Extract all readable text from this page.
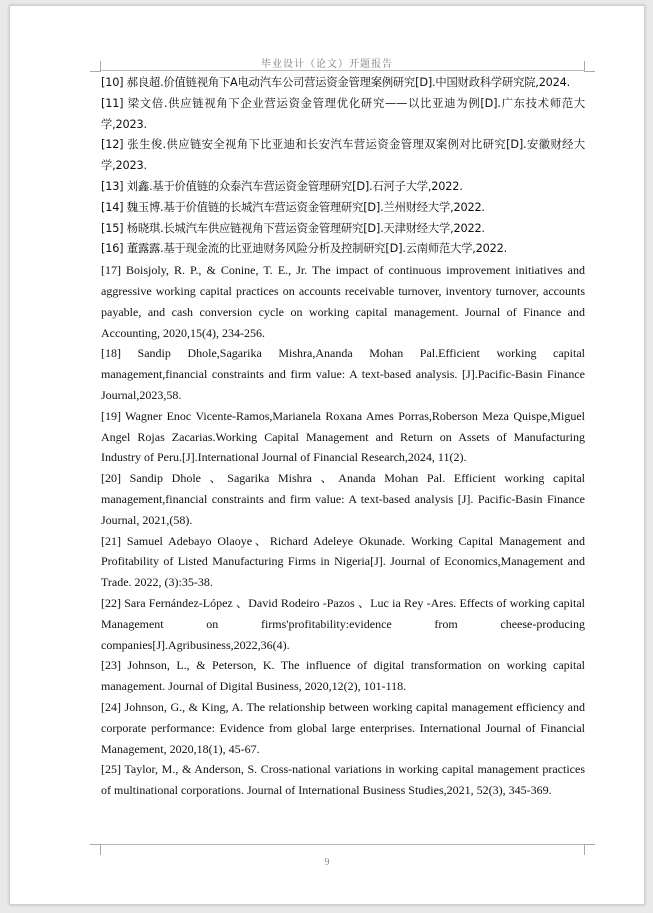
毕业设计（论文）开题报告

[10] 郝良超.价值链视角下A电动汽车公司营运资金管理案例研究[D].中国财政科学研究院,2024.

[11] 梁文倍.供应链视角下企业营运资金管理优化研究——以比亚迪为例[D].广东技术师范大学,2023.

[12] 张生俊.供应链安全视角下比亚迪和长安汽车营运资金管理双案例对比研究[D].安徽财经大学,2023.

[13] 刘鑫.基于价值链的众泰汽车营运资金管理研究[D].石河子大学,2022.

[14] 魏玉博.基于价值链的长城汽车营运资金管理研究[D].兰州财经大学,2022.

[15] 杨晓琪.长城汽车供应链视角下营运资金管理研究[D].天津财经大学,2022.

[16] 董露露.基于现金流的比亚迪财务风险分析及控制研究[D].云南师范大学,2022.

[17] Boisjoly, R. P., & Conine, T. E., Jr. The impact of continuous improvement initiatives and aggressive working capital practices on accounts receivable turnover, inventory turnover, accounts payable, and cash conversion cycle on working capital management. Journal of Finance and Accounting, 2020,15(4), 234-256.

[18] Sandip Dhole,Sagarika Mishra,Ananda Mohan Pal.Efficient working capital management,financial constraints and firm value: A text-based analysis. [J].Pacific-Basin Finance Journal,2023,58.

[19] Wagner Enoc Vicente-Ramos,Marianela Roxana Ames Porras,Roberson Meza Quispe,Miguel Angel Rojas Zacarias.Working Capital Management and Return on Assets of Manufacturing Industry of Peru.[J].International Journal of Financial Research,2024, 11(2).

[20] Sandip Dhole 、Sagarika Mishra 、Ananda Mohan Pal. Efficient working capital management,financial constraints and firm value: A text-based analysis [J]. Pacific-Basin Finance Journal, 2021,(58).

[21] Samuel Adebayo Olaoye、Richard Adeleye Okunade. Working Capital Management and Profitability of Listed Manufacturing Firms in Nigeria[J]. Journal of Economics,Management and Trade. 2022, (3):35-38.

[22] Sara Fernández-López 、David Rodeiro -Pazos 、Luc ia Rey -Ares. Effects of working capital Management on firms'profitability:evidence from cheese-producing companies[J].Agribusiness,2022,36(4).

[23] Johnson, L., & Peterson, K. The influence of digital transformation on working capital management. Journal of Digital Business, 2020,12(2), 101-118.

[24] Johnson, G., & King, A. The relationship between working capital management efficiency and corporate performance: Evidence from global large enterprises. International Journal of Financial Management, 2020,18(1), 45-67.

[25] Taylor, M., & Anderson, S. Cross-national variations in working capital management practices of multinational corporations. Journal of International Business Studies,2021, 52(3), 345-369.

9
